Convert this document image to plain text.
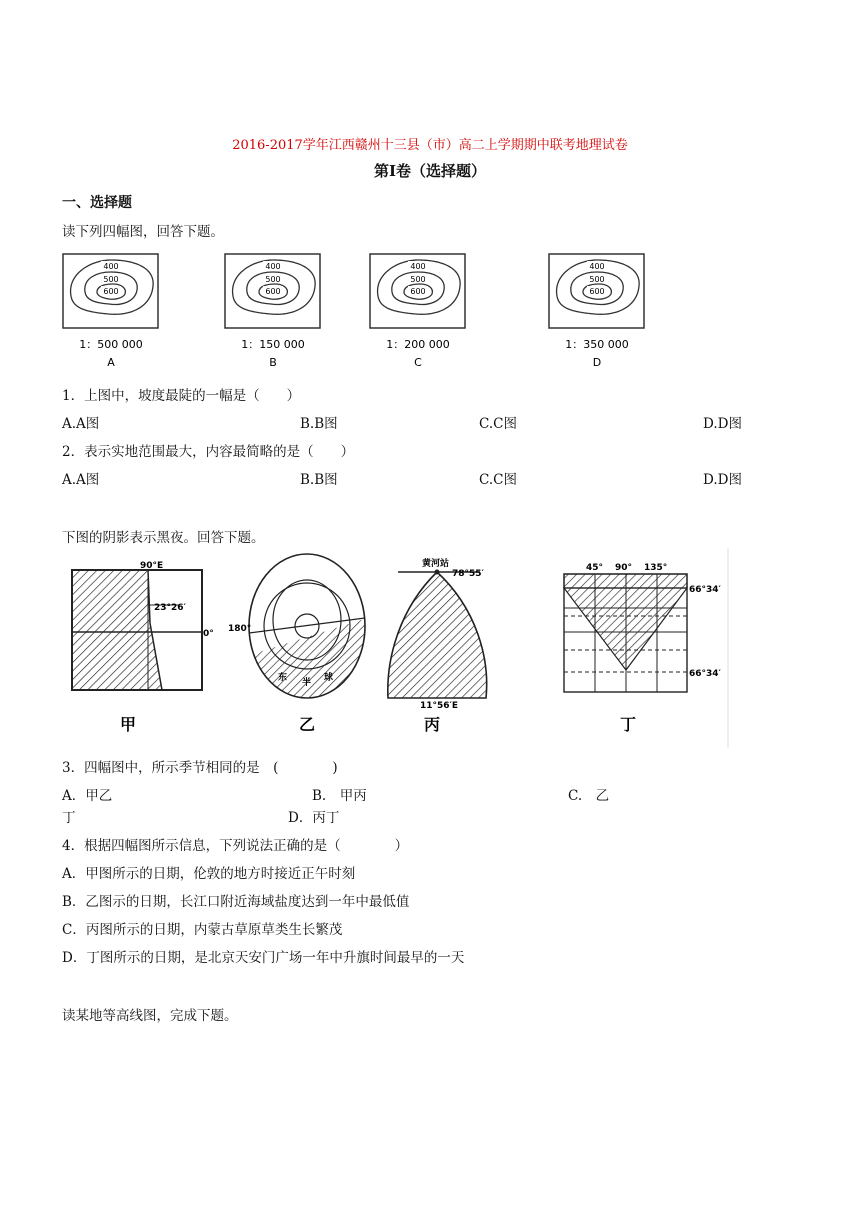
2016-2017学年江西赣州十三县（市）高二上学期期中联考地理试卷
第Ⅰ卷（选择题）
一、选择题
读下列四幅图，回答下题。
400
500
600
1：500 000
A
400
500
600
1：150 000
B
400
500
600
1：200 000
C
400
500
600
1：350 000
D
1．上图中，坡度最陡的一幅是（　　）
A.A图	B.B图	C.C图	D.D图
2．表示实地范围最大，内容最简略的是（　　）
A.A图	B.B图	C.C图	D.D图
下图的阴影表示黑夜。回答下题。
90°E
23°26′
0°
甲
180°
东 半 球
乙
黄河站
78°55′
11°56′E
丙
45° 90° 135°
66°34′
66°34′
丁
3．四幅图中，所示季节相同的是　(　　　　)
A．甲乙	B.　甲丙	C.　乙
丁	D．丙丁
4．根据四幅图所示信息，下列说法正确的是（　　　　）
A．甲图所示的日期，伦敦的地方时接近正午时刻
B．乙图示的日期，长江口附近海域盐度达到一年中最低值
C．丙图所示的日期，内蒙古草原草类生长繁茂
D．丁图所示的日期，是北京天安门广场一年中升旗时间最早的一天
读某地等高线图，完成下题。
